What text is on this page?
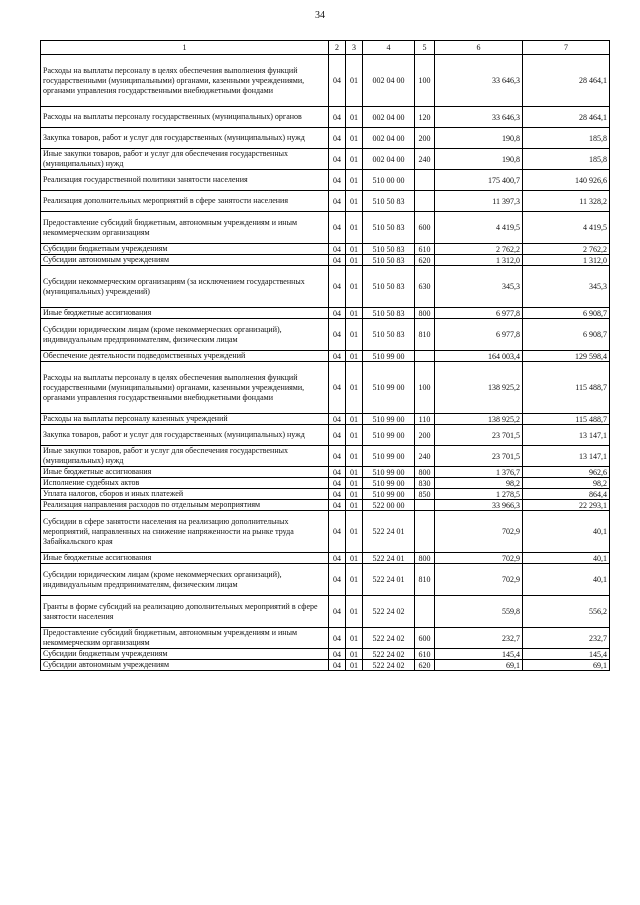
34
1	2	3	4	5	6	7
Расходы на выплаты персоналу в целях обеспечения выполнения функций государственными (муниципальными) органами, казенными учреждениями, органами управления государственными внебюджетными фондами	04	01	002 04 00	100	33 646,3	28 464,1
Расходы на выплаты персоналу государственных (муниципальных) органов	04	01	002 04 00	120	33 646,3	28 464,1
Закупка товаров, работ и услуг для государственных (муниципальных) нужд	04	01	002 04 00	200	190,8	185,8
Иные закупки товаров, работ и услуг для обеспечения государственных (муниципальных) нужд	04	01	002 04 00	240	190,8	185,8
Реализация государственной политики занятости населения	04	01	510 00 00		175 400,7	140 926,6
Реализация дополнительных мероприятий в сфере занятости населения	04	01	510 50 83		11 397,3	11 328,2
Предоставление субсидий бюджетным, автономным учреждениям и иным некоммерческим организациям	04	01	510 50 83	600	4 419,5	4 419,5
Субсидии бюджетным учреждениям	04	01	510 50 83	610	2 762,2	2 762,2
Субсидии автономным учреждениям	04	01	510 50 83	620	1 312,0	1 312,0
Субсидии некоммерческим организациям (за исключением государственных (муниципальных) учреждений)	04	01	510 50 83	630	345,3	345,3
Иные бюджетные ассигнования	04	01	510 50 83	800	6 977,8	6 908,7
Субсидии юридическим лицам (кроме некоммерческих организаций), индивидуальным предпринимателям, физическим лицам	04	01	510 50 83	810	6 977,8	6 908,7
Обеспечение деятельности подведомственных учреждений	04	01	510 99 00		164 003,4	129 598,4
Расходы на выплаты персоналу в целях обеспечения выполнения функций государственными (муниципальными) органами, казенными учреждениями, органами управления государственными внебюджетными фондами	04	01	510 99 00	100	138 925,2	115 488,7
Расходы на выплаты персоналу казенных учреждений	04	01	510 99 00	110	138 925,2	115 488,7
Закупка товаров, работ и услуг для государственных (муниципальных) нужд	04	01	510 99 00	200	23 701,5	13 147,1
Иные закупки товаров, работ и услуг для обеспечения государственных (муниципальных) нужд	04	01	510 99 00	240	23 701,5	13 147,1
Иные бюджетные ассигнования	04	01	510 99 00	800	1 376,7	962,6
Исполнение судебных актов	04	01	510 99 00	830	98,2	98,2
Уплата налогов, сборов и иных платежей	04	01	510 99 00	850	1 278,5	864,4
Реализация направления расходов по отдельным мероприятиям	04	01	522 00 00		33 966,3	22 293,1
Субсидии в сфере занятости населения на реализацию дополнительных мероприятий, направленных на снижение напряженности на рынке труда Забайкальского края	04	01	522 24 01		702,9	40,1
Иные бюджетные ассигнования	04	01	522 24 01	800	702,9	40,1
Субсидии юридическим лицам (кроме некоммерческих организаций), индивидуальным предпринимателям, физическим лицам	04	01	522 24 01	810	702,9	40,1
Гранты в форме субсидий на реализацию дополнительных мероприятий в сфере занятости населения	04	01	522 24 02		559,8	556,2
Предоставление субсидий бюджетным, автономным учреждениям и иным некоммерческим организациям	04	01	522 24 02	600	232,7	232,7
Субсидии бюджетным учреждениям	04	01	522 24 02	610	145,4	145,4
Субсидии автономным учреждениям	04	01	522 24 02	620	69,1	69,1
